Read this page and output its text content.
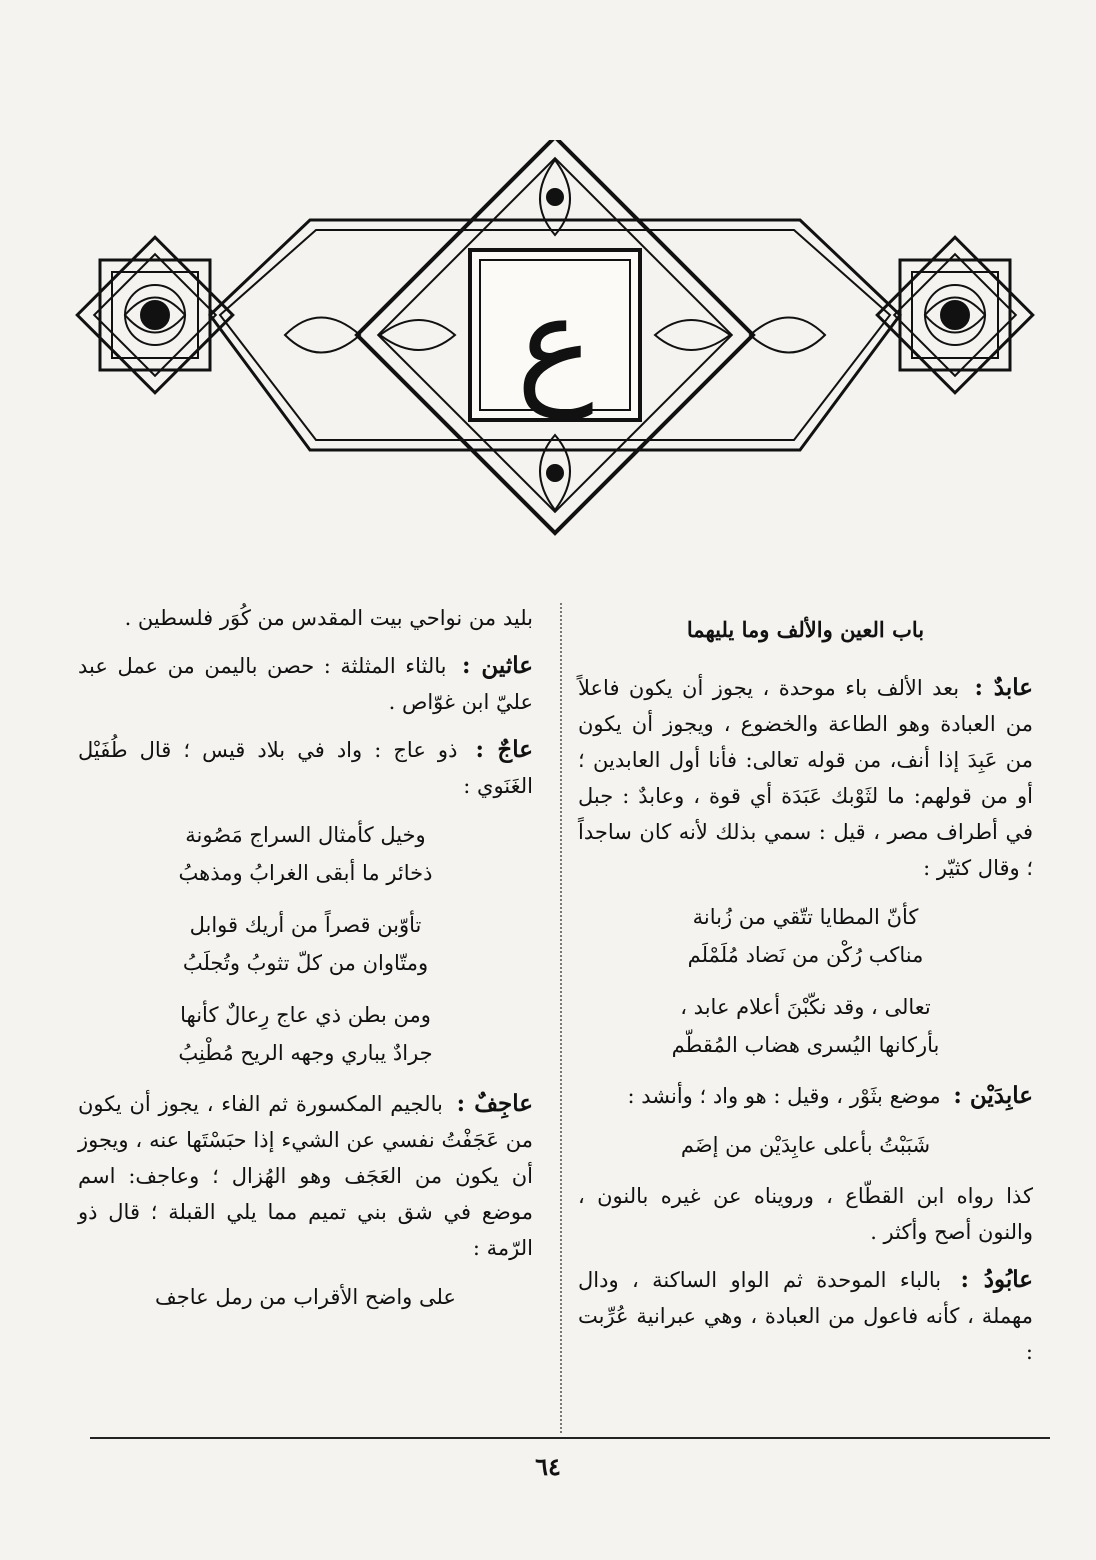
ع
باب العين والألف وما يليهما
عابدٌ : بعد الألف باء موحدة ، يجوز أن يكون فاعلاً من العبادة وهو الطاعة والخضوع ، ويجوز أن يكون من عَبِدَ إذا أنف، من قوله تعالى: فأنا أول العابدين ؛ أو من قولهم: ما لثَوْبك عَبَدَة أي قوة ، وعابدٌ : جبل في أطراف مصر ، قيل : سمي بذلك لأنه كان ساجداً ؛ وقال كثيّر :
كأنّ المطايا تتّقي من زُبانة
مناكب رُكْن من نَضاد مُلَمْلَم
تعالى ، وقد نكّبْنَ أعلام عابد ،
بأركانها اليُسرى هضاب المُقطّم
عابِدَيْن : موضع بثَوْر ، وقيل : هو واد ؛ وأنشد :
شَبَبْتُ بأعلى عابِدَيْن من إضَم
كذا رواه ابن القطّاع ، ورويناه عن غيره بالنون ، والنون أصح وأكثر .
عابُودُ : بالباء الموحدة ثم الواو الساكنة ، ودال مهملة ، كأنه فاعول من العبادة ، وهي عبرانية عُرِّبت :
بليد من نواحي بيت المقدس من كُوَر فلسطين .
عاثين : بالثاء المثلثة : حصن باليمن من عمل عبد عليّ ابن غوّاص .
عاجٌ : ذو عاج : واد في بلاد قيس ؛ قال طُفَيْل الغَنَوي :
وخيل كأمثال السراج مَصُونة
ذخائر ما أبقى الغرابُ ومذهبُ
تأوّبن قصراً من أريك قوابل
ومتّاوان من كلّ تثوبُ وتُجلَبُ
ومن بطن ذي عاج رِعالٌ كأنها
جرادٌ يباري وجهه الريح مُطْنِبُ
عاجِفٌ : بالجيم المكسورة ثم الفاء ، يجوز أن يكون من عَجَفْتُ نفسي عن الشيء إذا حبَسْتَها عنه ، ويجوز أن يكون من العَجَف وهو الهُزال ؛ وعاجف: اسم موضع في شق بني تميم مما يلي القبلة ؛ قال ذو الرّمة :
على واضح الأقراب من رمل عاجف
٦٤
